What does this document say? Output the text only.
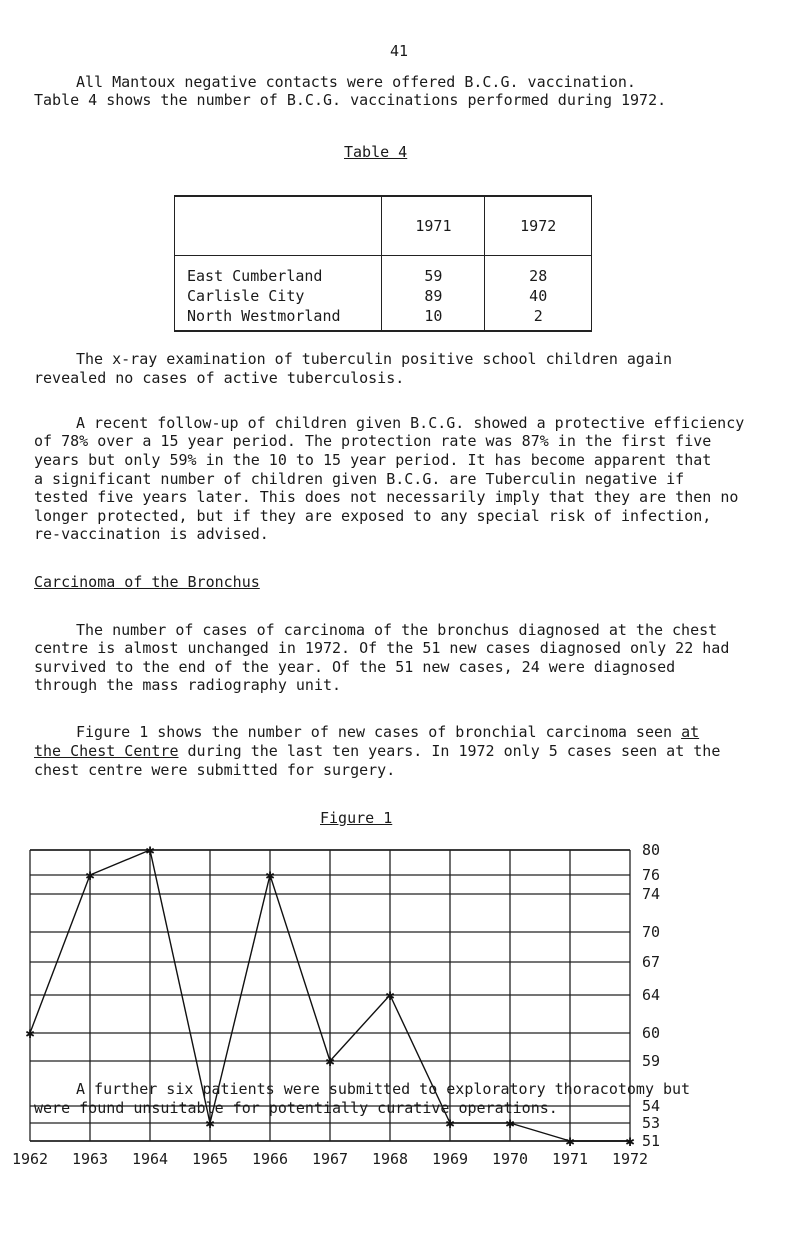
41
All Mantoux negative contacts were offered B.C.G. vaccination.
Table 4 shows the number of B.C.G. vaccinations performed during 1972.
Table 4
	1971	1972
East Cumberland	59	28
Carlisle City	89	40
North Westmorland	10	2
The x-ray examination of tuberculin positive school children again
revealed no cases of active tuberculosis.
A recent follow-up of children given B.C.G. showed a protective efficiency
of 78% over a 15 year period. The protection rate was 87% in the first five
years but only 59% in the 10 to 15 year period. It has become apparent that
a significant number of children given B.C.G. are Tuberculin negative if
tested five years later. This does not necessarily imply that they are then no
longer protected, but if they are exposed to any special risk of infection,
re-vaccination is advised.
Carcinoma of the Bronchus
The number of cases of carcinoma of the bronchus diagnosed at the chest
centre is almost unchanged in 1972. Of the 51 new cases diagnosed only 22 had
survived to the end of the year. Of the 51 new cases, 24 were diagnosed
through the mass radiography unit.
Figure 1 shows the number of new cases of bronchial carcinoma seen at
the Chest Centre during the last ten years. In 1972 only 5 cases seen at the
chest centre were submitted for surgery.
Figure 1
✱
✱
✱
✱
✱
✱
✱
✱	✱
✱	✱
80
76
74
70
67
64
60
59
54
53
51
1962 1963 1964 1965 1966 1967 1968 1969 1970 1971 1972
A further six patients were submitted to exploratory thoracotomy but
were found unsuitable for potentially curative operations.
